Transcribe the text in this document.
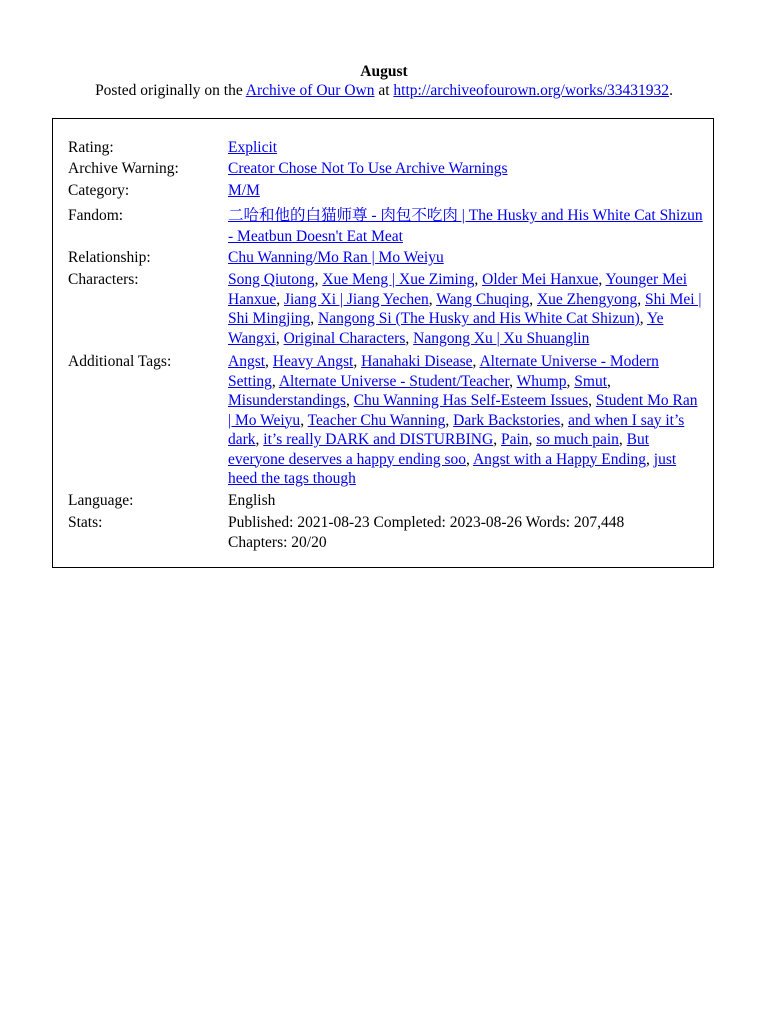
August
Posted originally on the Archive of Our Own at http://archiveofourown.org/works/33431932.
Rating:	Explicit
Archive Warning:	Creator Chose Not To Use Archive Warnings
Category:	M/M
Fandom:	二哈和他的白猫师尊 - 肉包不吃肉 | The Husky and His White Cat Shizun - Meatbun Doesn't Eat Meat
Relationship:	Chu Wanning/Mo Ran | Mo Weiyu
Characters:	Song Qiutong, Xue Meng | Xue Ziming, Older Mei Hanxue, Younger Mei Hanxue, Jiang Xi | Jiang Yechen, Wang Chuqing, Xue Zhengyong, Shi Mei | Shi Mingjing, Nangong Si (The Husky and His White Cat Shizun), Ye Wangxi, Original Characters, Nangong Xu | Xu Shuanglin
Additional Tags:	Angst, Heavy Angst, Hanahaki Disease, Alternate Universe - Modern Setting, Alternate Universe - Student/Teacher, Whump, Smut, Misunderstandings, Chu Wanning Has Self-Esteem Issues, Student Mo Ran | Mo Weiyu, Teacher Chu Wanning, Dark Backstories, and when I say it’s dark, it’s really DARK and DISTURBING, Pain, so much pain, But everyone deserves a happy ending soo, Angst with a Happy Ending, just heed the tags though
Language:	English
Stats:	Published: 2021-08-23 Completed: 2023-08-26 Words: 207,448
Chapters: 20/20
